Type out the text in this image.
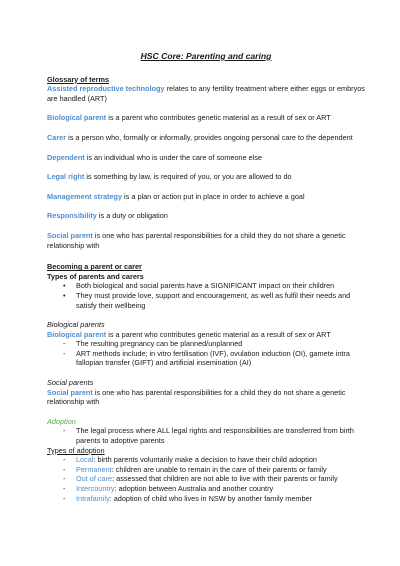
HSC Core: Parenting and caring
Glossary of terms

Assisted reproductive technology relates to any fertility treatment where either eggs or embryos are handled (ART)

Biological parent is a parent who contributes genetic material as a result of sex or ART

Carer is a person who, formally or informally, provides ongoing personal care to the dependent

Dependent is an individual who is under the care of someone else

Legal right is something by law, is required of you, or you are allowed to do

Management strategy is a plan or action put in place in order to achieve a goal

Responsibility is a duty or obligation

Social parent is one who has parental responsibilities for a child they do not share a genetic relationship with

Becoming a parent or carer
Types of parents and carers
• Both biological and social parents have a SIGNIFICANT impact on their children
• They must provide love, support and encouragement, as well as fulfil their needs and satisfy their wellbeing
Biological parents

Biological parent is a parent who contributes genetic material as a result of sex or ART

- The resulting pregnancy can be planned/unplanned
- ART methods include; in vitro fertilisation (IVF), ovulation induction (OI), gamete intra fallopian transfer (GIFT) and artificial insemination (AI)
Social parents

Social parent is one who has parental responsibilities for a child they do not share a genetic relationship with

Adoption
- The legal process where ALL legal rights and responsibilities are transferred from birth parents to adoptive parents
Types of adoption
- Local: birth parents voluntarily make a decision to have their child adoption
- Permanent: children are unable to remain in the care of their parents or family
- Out of care: assessed that children are not able to live with their parents or family
- Intercountry: adoption between Australia and another country
- Intrafamily: adoption of child who lives in NSW by another family member
